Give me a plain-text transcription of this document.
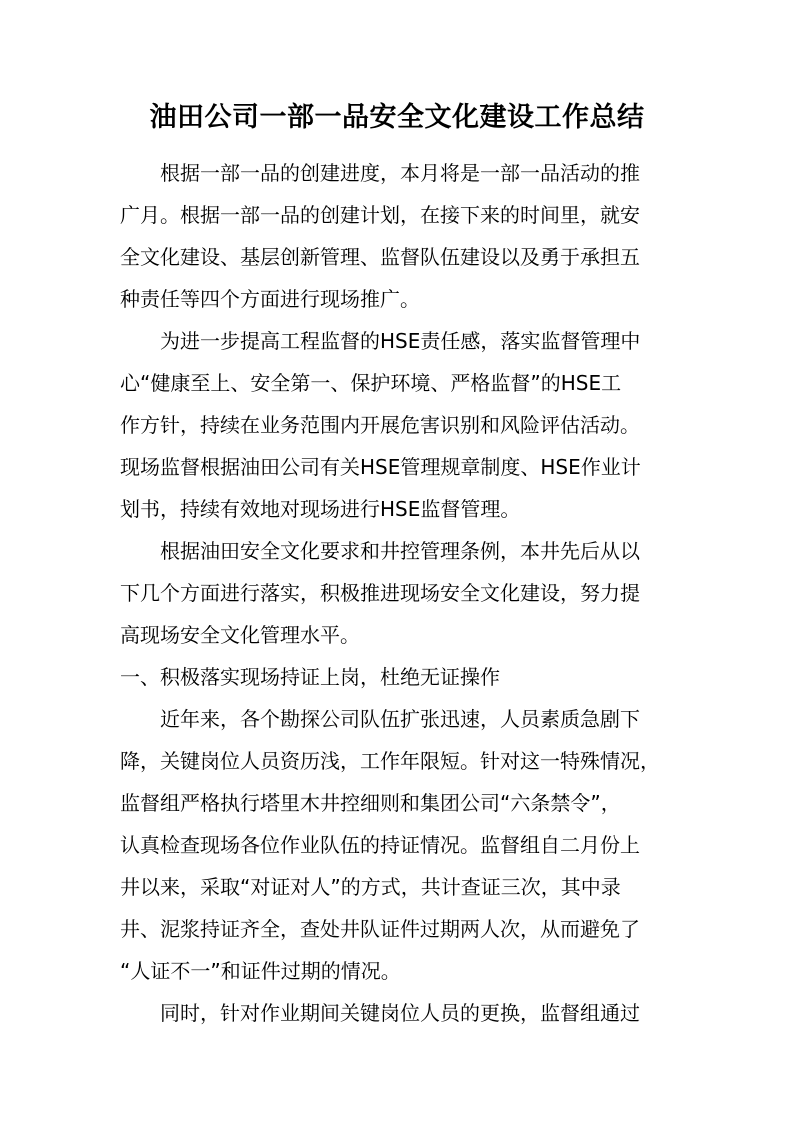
油田公司一部一品安全文化建设工作总结

根据一部一品的创建进度，本月将是一部一品活动的推

广月。根据一部一品的创建计划，在接下来的时间里，就安

全文化建设、基层创新管理、监督队伍建设以及勇于承担五

种责任等四个方面进行现场推广。

为进一步提高工程监督的HSE责任感，落实监督管理中

心“健康至上、安全第一、保护环境、严格监督”的HSE工

作方针，持续在业务范围内开展危害识别和风险评估活动。

现场监督根据油田公司有关HSE管理规章制度、HSE作业计

划书，持续有效地对现场进行HSE监督管理。

根据油田安全文化要求和井控管理条例，本井先后从以

下几个方面进行落实，积极推进现场安全文化建设，努力提

高现场安全文化管理水平。

一、积极落实现场持证上岗，杜绝无证操作

近年来，各个勘探公司队伍扩张迅速，人员素质急剧下

降，关键岗位人员资历浅，工作年限短。针对这一特殊情况，

监督组严格执行塔里木井控细则和集团公司“六条禁令”，

认真检查现场各位作业队伍的持证情况。监督组自二月份上

井以来，采取“对证对人”的方式，共计查证三次，其中录

井、泥浆持证齐全，查处井队证件过期两人次，从而避免了

“人证不一”和证件过期的情况。

同时，针对作业期间关键岗位人员的更换，监督组通过
